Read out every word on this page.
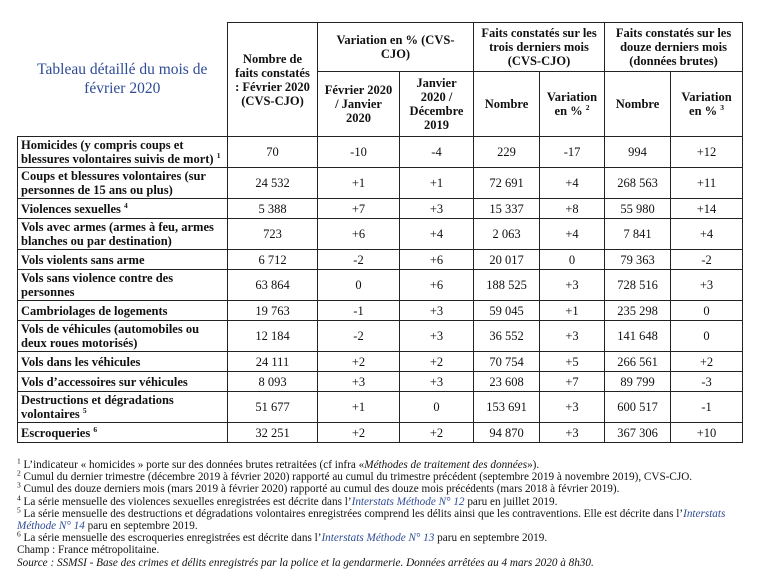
Tableau détaillé du mois de février 2020	Nombre de faits constatés : Février 2020 (CVS-CJO)	Variation en % (CVS-CJO)		Faits constatés sur les trois derniers mois (CVS-CJO)		Faits constatés sur les douze derniers mois (données brutes)	
		Février 2020 / Janvier 2020	Janvier 2020 / Décembre 2019	Nombre	Variation en % $^2$	Nombre	Variation en % $^3$
Homicides (y compris coups et blessures volontaires suivis de mort) $^1$	70	-10	-4	229	-17	994	+12
Coups et blessures volontaires (sur personnes de 15 ans ou plus)	24 532	+1	+1	72 691	+4	268 563	+11
Violences sexuelles $^4$	5 388	+7	+3	15 337	+8	55 980	+14
Vols avec armes (armes à feu, armes blanches ou par destination)	723	+6	+4	2 063	+4	7 841	+4
Vols violents sans arme	6 712	-2	+6	20 017	0	79 363	-2
Vols sans violence contre des personnes	63 864	0	+6	188 525	+3	728 516	+3
Cambriolages de logements	19 763	-1	+3	59 045	+1	235 298	0
Vols de véhicules (automobiles ou deux roues motorisés)	12 184	-2	+3	36 552	+3	141 648	0
Vols dans les véhicules	24 111	+2	+2	70 754	+5	266 561	+2
Vols d’accessoires sur véhicules	8 093	+3	+3	23 608	+7	89 799	-3
Destructions et dégradations volontaires $^5$	51 677	+1	0	153 691	+3	600 517	-1
Escroqueries $^6$	32 251	+2	+2	94 870	+3	367 306	+10

$^1$ L’indicateur « homicides » porte sur des données brutes retraitées (cf infra «Méthodes de traitement des données»).

$^2$ Cumul du dernier trimestre (décembre 2019 à février 2020) rapporté au cumul du trimestre précédent (septembre 2019 à novembre 2019), CVS-CJO.

$^3$ Cumul des douze derniers mois (mars 2019 à février 2020) rapporté au cumul des douze mois précédents (mars 2018 à février 2019).

$^4$ La série mensuelle des violences sexuelles enregistrées est décrite dans l’Interstats Méthode N° 12 paru en juillet 2019.

$^5$ La série mensuelle des destructions et dégradations volontaires enregistrées comprend les délits ainsi que les contraventions. Elle est décrite dans l’Interstats Méthode N° 14 paru en septembre 2019.

$^6$ La série mensuelle des escroqueries enregistrées est décrite dans l’Interstats Méthode N° 13 paru en septembre 2019.

Champ : France métropolitaine.

Source : SSMSI - Base des crimes et délits enregistrés par la police et la gendarmerie. Données arrêtées au 4 mars 2020 à 8h30.
